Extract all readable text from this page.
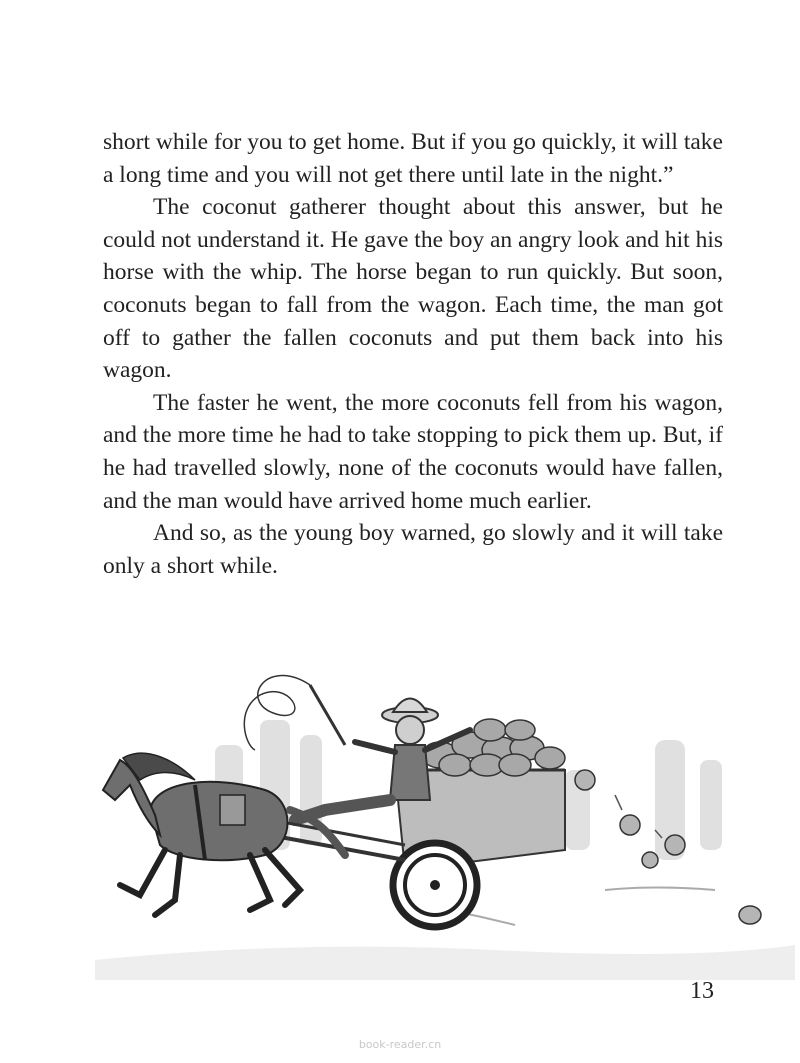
short while for you to get home. But if you go quickly, it will take a long time and you will not get there until late in the night.”

The coconut gatherer thought about this answer, but he could not understand it. He gave the boy an angry look and hit his horse with the whip. The horse began to run quickly. But soon, coconuts began to fall from the wagon. Each time, the man got off to gather the fallen coconuts and put them back into his wagon.

The faster he went, the more coconuts fell from his wagon, and the more time he had to take stopping to pick them up. But, if he had travelled slowly, none of the coconuts would have fallen, and the man would have arrived home much earlier.

And so, as the young boy warned, go slowly and it will take only a short while.

13
book-reader.cn
